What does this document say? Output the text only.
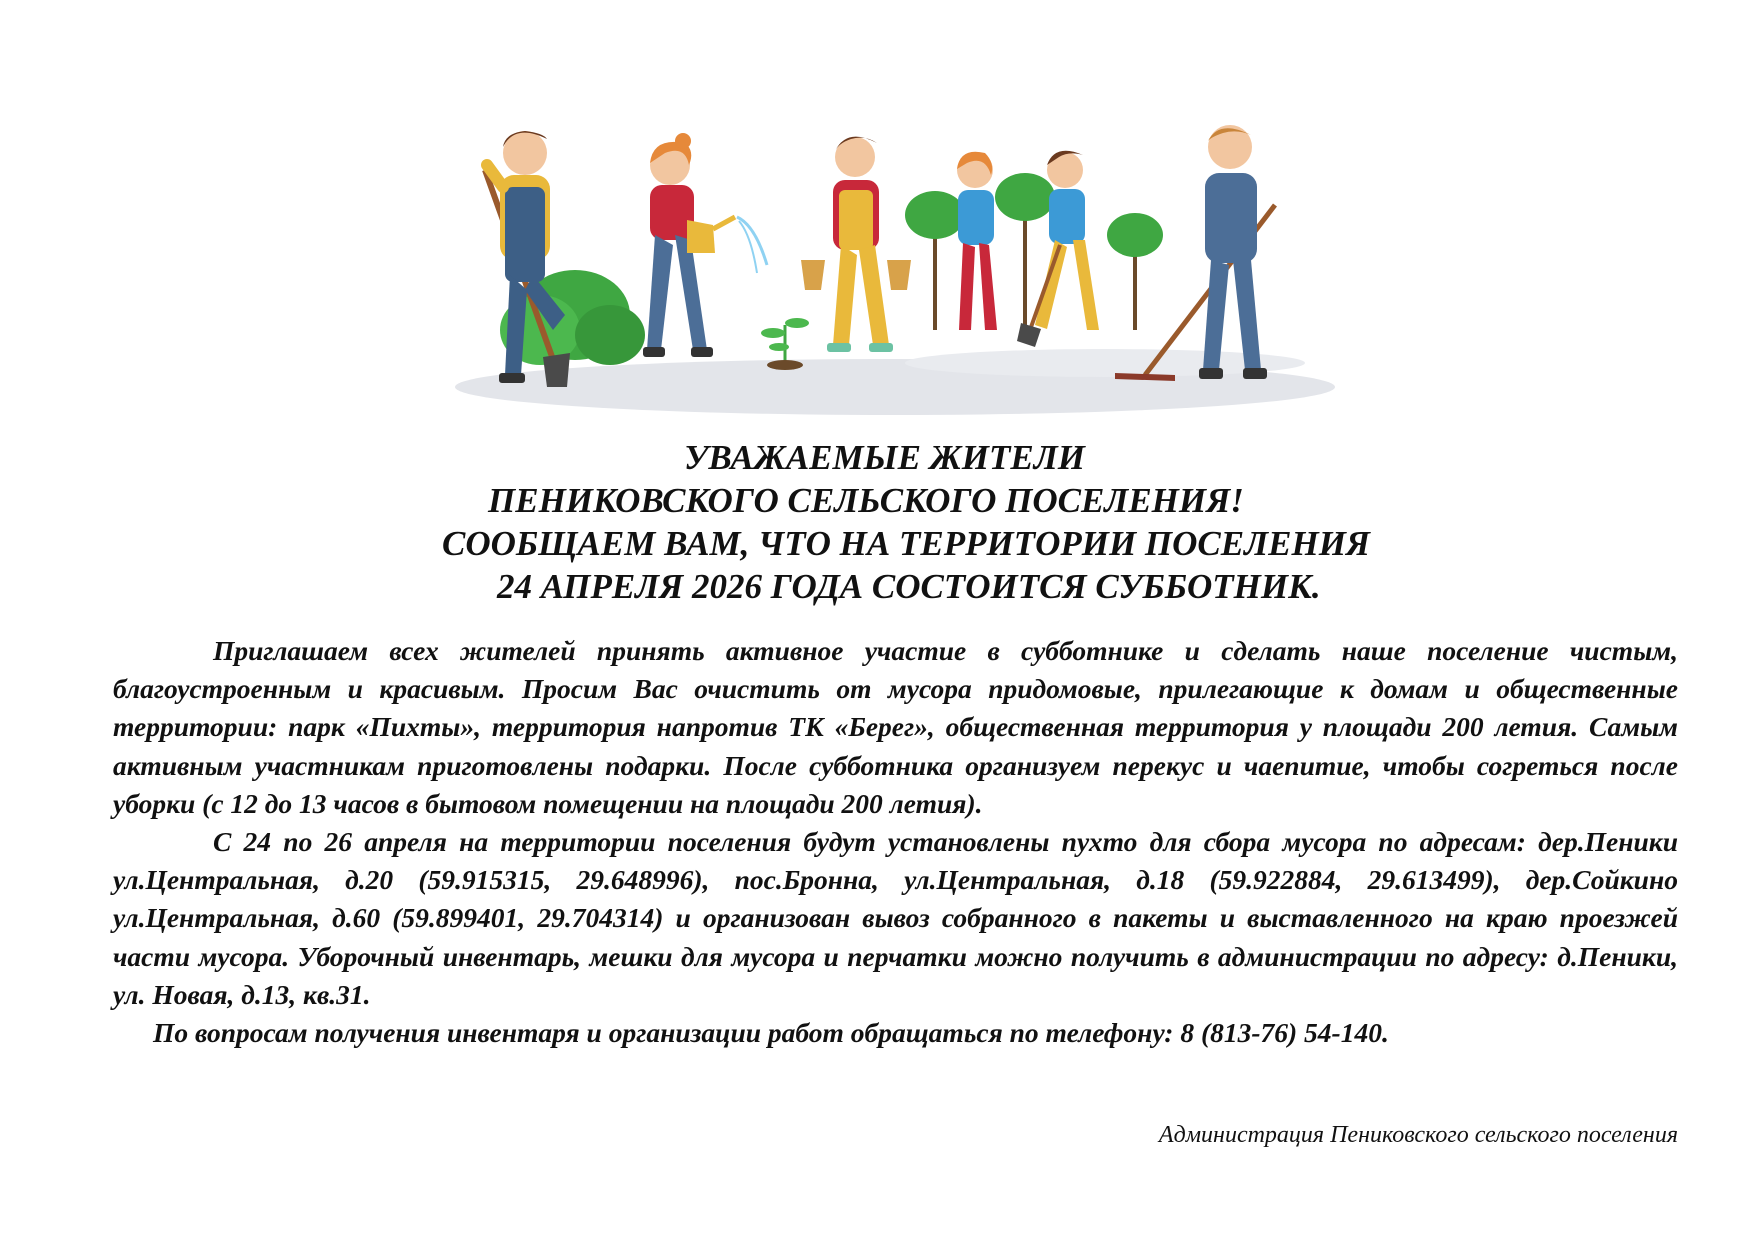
УВАЖАЕМЫЕ ЖИТЕЛИ
ПЕНИКОВСКОГО СЕЛЬСКОГО ПОСЕЛЕНИЯ!
СООБЩАЕМ ВАМ, ЧТО НА ТЕРРИТОРИИ ПОСЕЛЕНИЯ
24 АПРЕЛЯ 2026 ГОДА СОСТОИТСЯ СУББОТНИК.

Приглашаем всех жителей принять активное участие в субботнике и сделать наше поселение чистым, благоустроенным и красивым. Просим Вас очистить от мусора придомовые, прилегающие к домам и общественные территории: парк «Пихты», территория напротив ТК «Берег», общественная территория у площади 200 летия. Самым активным участникам приготовлены подарки. После субботника организуем перекус и чаепитие, чтобы согреться после уборки (с 12 до 13 часов в бытовом помещении на площади 200 летия).

С 24 по 26 апреля на территории поселения будут установлены пухто для сбора мусора по адресам: дер.Пеники ул.Центральная, д.20 (59.915315, 29.648996), пос.Бронна, ул.Центральная, д.18 (59.922884, 29.613499), дер.Сойкино ул.Центральная, д.60 (59.899401, 29.704314) и организован вывоз собранного в пакеты и выставленного на краю проезжей части мусора. Уборочный инвентарь, мешки для мусора и перчатки можно получить в администрации по адресу: д.Пеники, ул. Новая, д.13, кв.31.

По вопросам получения инвентаря и организации работ обращаться по телефону: 8 (813-76) 54-140.

Администрация Пениковского сельского поселения
